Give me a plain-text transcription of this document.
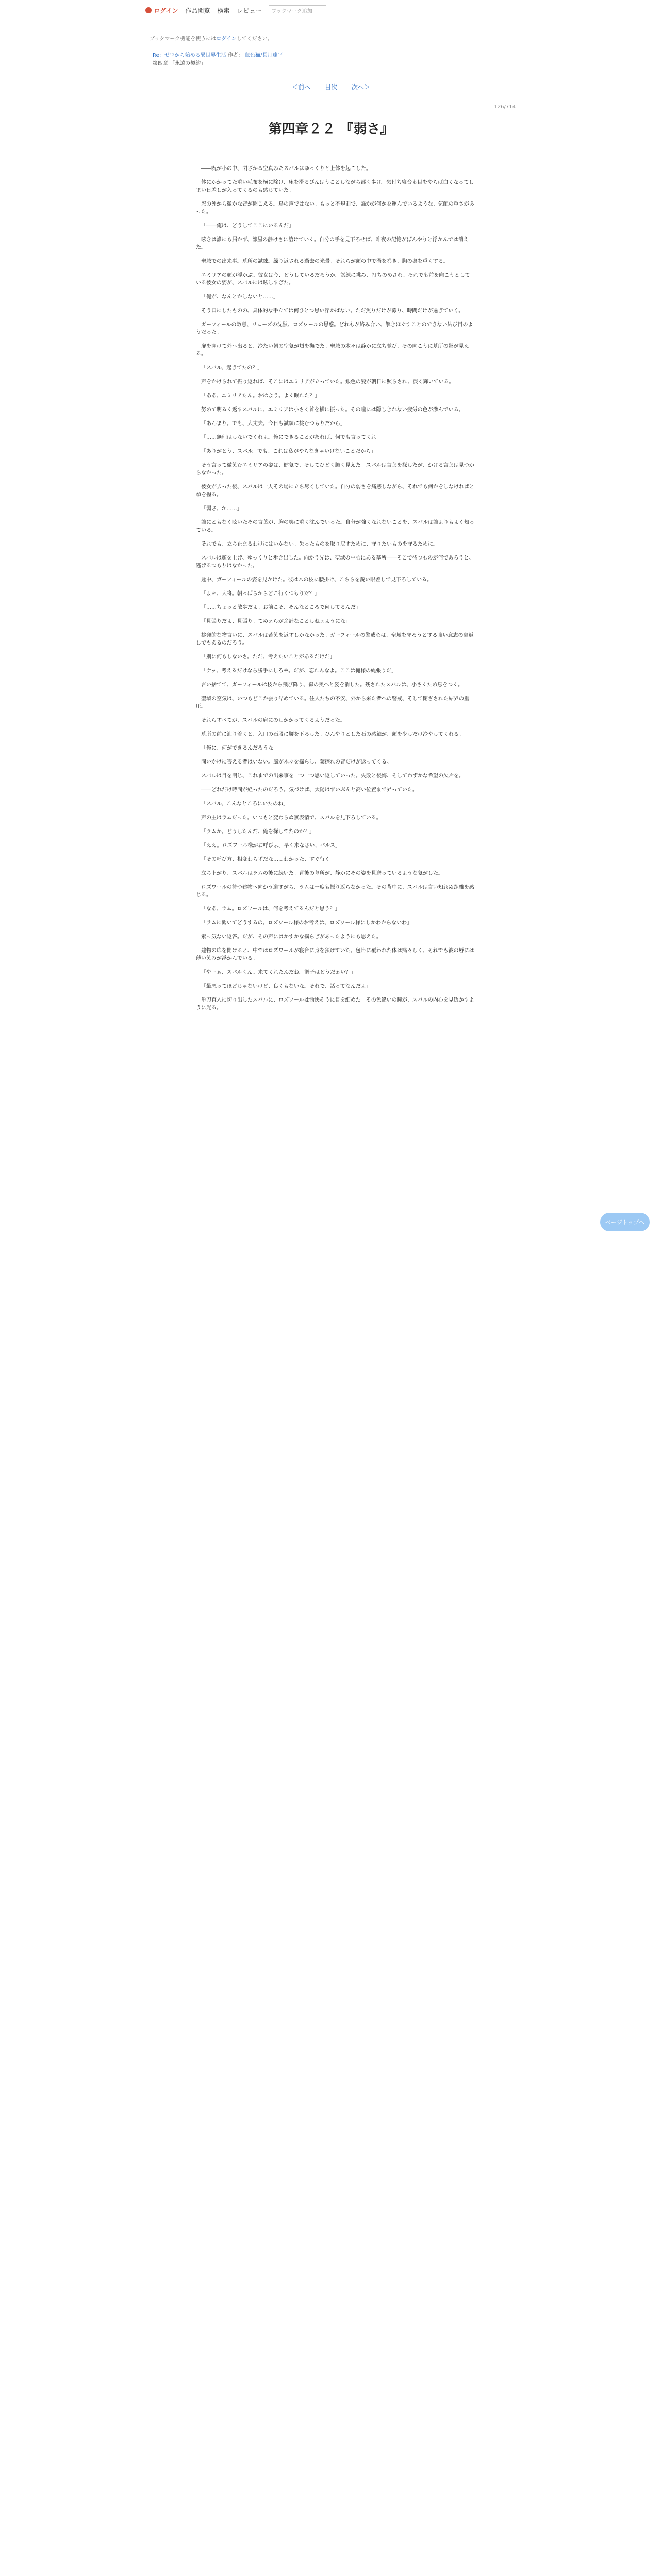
ログイン 作品閲覧 検索 レビュー	ブックマーク追加
ブックマーク機能を使うにはログインしてください。
Re：ゼロから始める異世界生活 作者： 鼠色猫/長月達平
第四章 「永遠の契約」
＜前へ 目次 次へ＞
126/714
第四章２２ 『弱さ』

――呪が小の中、閉ざかる空真みたスバルはゆっくりと上体を起こした。

体にかかってた重い毛布を横に除け、床を滑るびんはうことしながら部く歩け。気付ち寝台も目をやらば白くなってしまい日差しが入ってくるのも感じていた。

窓の外から微かな音が聞こえる。鳥の声ではない。もっと不規則で、誰かが何かを運んでいるような、気配の重さがあった。

「――俺は、どうしてここにいるんだ」

呟きは誰にも届かず、部屋の静けさに溶けていく。自分の手を見下ろせば、昨夜の記憶がぼんやりと浮かんでは消えた。

聖域での出来事。墓所の試練。繰り返される過去の光景。それらが頭の中で渦を巻き、胸の奥を重くする。

エミリアの顔が浮かぶ。彼女は今、どうしているだろうか。試練に挑み、打ちのめされ、それでも前を向こうとしている彼女の姿が、スバルには眩しすぎた。

「俺が、なんとかしないと……」

そう口にしたものの、具体的な手立ては何ひとつ思い浮かばない。ただ焦りだけが募り、時間だけが過ぎていく。

ガーフィールの敵意、リューズの沈黙、ロズワールの思惑。どれもが絡み合い、解きほぐすことのできない結び目のようだった。

扉を開けて外へ出ると、冷たい朝の空気が頬を撫でた。聖域の木々は静かに立ち並び、その向こうに墓所の影が見える。

「スバル、起きてたの？」

声をかけられて振り返れば、そこにはエミリアが立っていた。銀色の髪が朝日に照らされ、淡く輝いている。

「ああ、エミリアたん。おはよう。よく眠れた？」

努めて明るく返すスバルに、エミリアは小さく首を横に振った。その瞳には隠しきれない疲労の色が滲んでいる。

「あんまり。でも、大丈夫。今日も試練に挑むつもりだから」

「……無理はしないでくれよ。俺にできることがあれば、何でも言ってくれ」

「ありがとう、スバル。でも、これは私がやらなきゃいけないことだから」

そう言って微笑むエミリアの姿は、健気で、そしてひどく脆く見えた。スバルは言葉を探したが、かける言葉は見つからなかった。

彼女が去った後、スバルは一人その場に立ち尽くしていた。自分の弱さを痛感しながら、それでも何かをしなければと拳を握る。

「弱さ、か……」

誰にともなく呟いたその言葉が、胸の奥に重く沈んでいった。自分が強くなれないことを、スバルは誰よりもよく知っている。

それでも、立ち止まるわけにはいかない。失ったものを取り戻すために、守りたいものを守るために。

スバルは顔を上げ、ゆっくりと歩き出した。向かう先は、聖域の中心にある墓所――そこで待つものが何であろうと、逃げるつもりはなかった。

途中、ガーフィールの姿を見かけた。彼は木の枝に腰掛け、こちらを鋭い眼差しで見下ろしている。

「よォ、大将。朝っぱらからどこ行くつもりだ？」

「……ちょっと散歩だよ。お前こそ、そんなところで何してるんだ」

「見張りだよ、見張り。てめェらが余計なことしねェようにな」

挑発的な物言いに、スバルは苦笑を返すしかなかった。ガーフィールの警戒心は、聖域を守ろうとする強い意志の裏返しでもあるのだろう。

「別に何もしないさ。ただ、考えたいことがあるだけだ」

「ケッ、考えるだけなら勝手にしろや。だが、忘れんなよ。ここは俺様の縄張りだ」

言い捨てて、ガーフィールは枝から飛び降り、森の奥へと姿を消した。残されたスバルは、小さくため息をつく。

聖域の空気は、いつもどこか張り詰めている。住人たちの不安、外から来た者への警戒、そして閉ざされた結界の重圧。

それらすべてが、スバルの肩にのしかかってくるようだった。

墓所の前に辿り着くと、入口の石段に腰を下ろした。ひんやりとした石の感触が、頭を少しだけ冷やしてくれる。

「俺に、何ができるんだろうな」

問いかけに答える者はいない。風が木々を揺らし、葉擦れの音だけが返ってくる。

スバルは目を閉じ、これまでの出来事を一つ一つ思い返していった。失敗と後悔、そしてわずかな希望の欠片を。

――どれだけ時間が経ったのだろう。気づけば、太陽はずいぶんと高い位置まで昇っていた。

「スバル、こんなところにいたのね」

声の主はラムだった。いつもと変わらぬ無表情で、スバルを見下ろしている。

「ラムか。どうしたんだ、俺を探してたのか？」

「ええ。ロズワール様がお呼びよ。早く来なさい、バルス」

「その呼び方、相変わらずだな……わかった、すぐ行く」

立ち上がり、スバルはラムの後に続いた。背後の墓所が、静かにその姿を見送っているような気がした。

ロズワールの待つ建物へ向かう道すがら、ラムは一度も振り返らなかった。その背中に、スバルは言い知れぬ距離を感じる。

「なあ、ラム。ロズワールは、何を考えてるんだと思う？」

「ラムに聞いてどうするの。ロズワール様のお考えは、ロズワール様にしかわからないわ」

素っ気ない返答。だが、その声にはかすかな揺らぎがあったようにも思えた。

建物の扉を開けると、中ではロズワールが寝台に身を預けていた。包帯に覆われた体は痛々しく、それでも彼の唇には薄い笑みが浮かんでいる。

「やーぁ、スバルくん。来てくれたんだね。調子はどうだぁい？」

「最悪ってほどじゃないけど、良くもないな。それで、話ってなんだよ」

単刀直入に切り出したスバルに、ロズワールは愉快そうに目を細めた。その色違いの瞳が、スバルの内心を見透かすように光る。

ページトップへ
